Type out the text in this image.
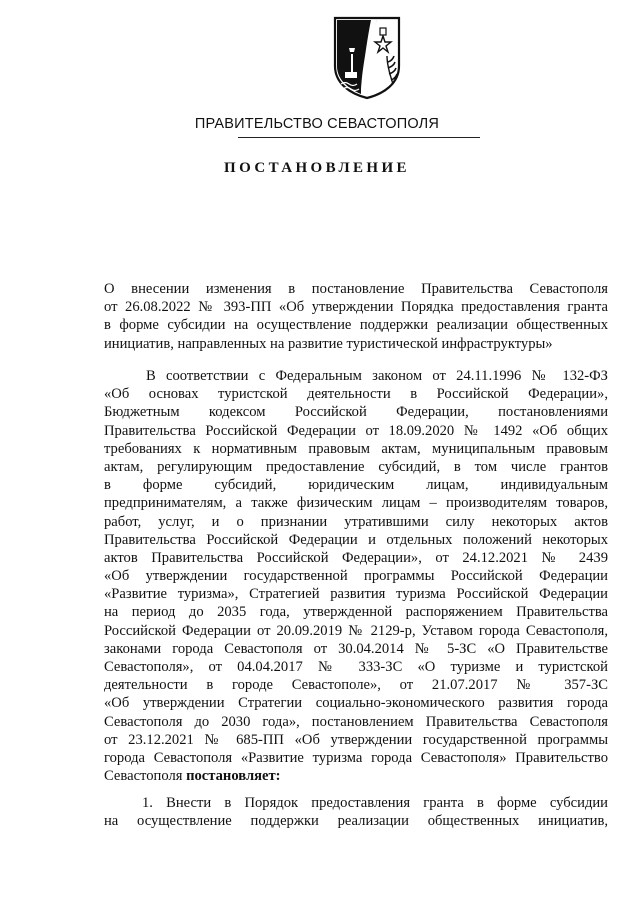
ПРАВИТЕЛЬСТВО СЕВАСТОПОЛЯ
ПОСТАНОВЛЕНИЕ
О внесении изменения в постановление Правительства Севастополя
от 26.08.2022 № 393-ПП «Об утверждении Порядка предоставления гранта
в форме субсидии на осуществление поддержки реализации общественных
инициатив, направленных на развитие туристической инфраструктуры»
В соответствии с Федеральным законом от 24.11.1996 № 132-ФЗ
«Об основах туристской деятельности в Российской Федерации»,
Бюджетным кодексом Российской Федерации, постановлениями
Правительства Российской Федерации от 18.09.2020 № 1492 «Об общих
требованиях к нормативным правовым актам, муниципальным правовым
актам, регулирующим предоставление субсидий, в том числе грантов
в форме субсидий, юридическим лицам, индивидуальным
предпринимателям, а также физическим лицам – производителям товаров,
работ, услуг, и о признании утратившими силу некоторых актов
Правительства Российской Федерации и отдельных положений некоторых
актов Правительства Российской Федерации», от 24.12.2021 № 2439
«Об утверждении государственной программы Российской Федерации
«Развитие туризма», Стратегией развития туризма Российской Федерации
на период до 2035 года, утвержденной распоряжением Правительства
Российской Федерации от 20.09.2019 № 2129-р, Уставом города Севастополя,
законами города Севастополя от 30.04.2014 № 5-ЗС «О Правительстве
Севастополя», от 04.04.2017 № 333-ЗС «О туризме и туристской
деятельности в городе Севастополе», от 21.07.2017 № 357-ЗС
«Об утверждении Стратегии социально-экономического развития города
Севастополя до 2030 года», постановлением Правительства Севастополя
от 23.12.2021 № 685-ПП «Об утверждении государственной программы
города Севастополя «Развитие туризма города Севастополя» Правительство
Севастополя постановляет:
1. Внести в Порядок предоставления гранта в форме субсидии
на осуществление поддержки реализации общественных инициатив,
